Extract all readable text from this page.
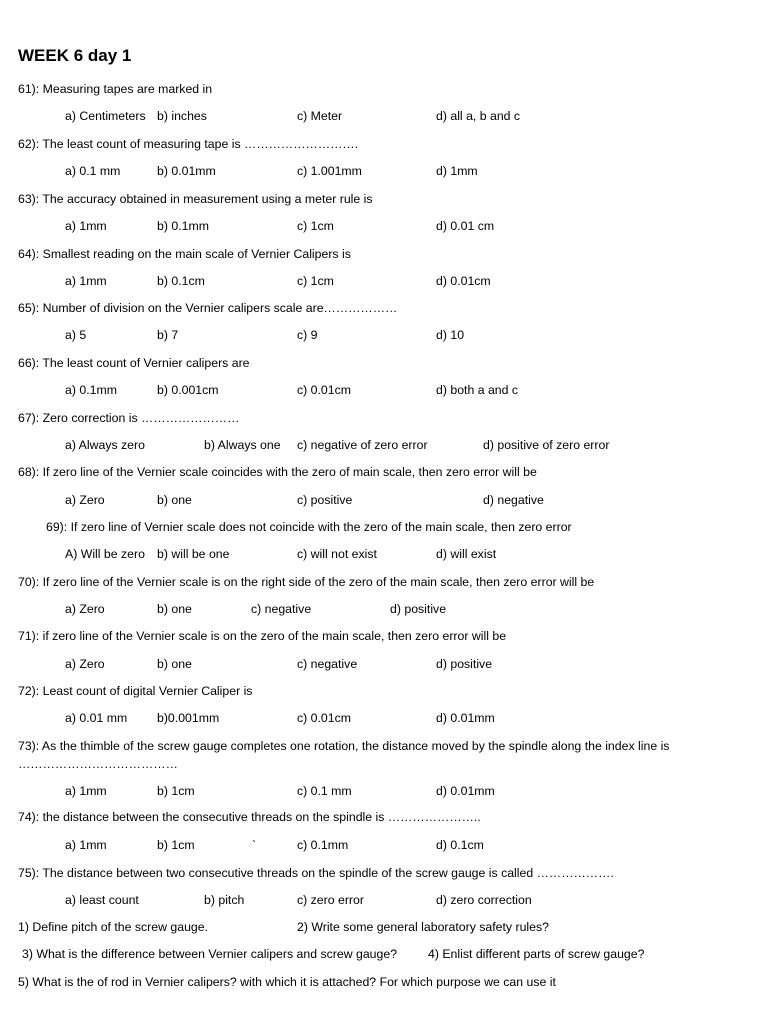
WEEK 6 day 1
61): Measuring tapes are marked in
a) Centimeters b) inches	c) Meter	d) all a, b and c
62): The least count of measuring tape is ……………………….
a) 0.1 mm	b) 0.01mm	c) 1.001mm	d) 1mm
63): The accuracy obtained in measurement using a meter rule is
a) 1mm	b) 0.1mm	c) 1cm	d) 0.01 cm
64): Smallest reading on the main scale of Vernier Calipers is
a) 1mm	b) 0.1cm	c) 1cm	d) 0.01cm
65): Number of division on the Vernier calipers scale are………………
a) 5	b) 7	c) 9	d) 10
66): The least count of Vernier calipers are
a) 0.1mm	b) 0.001cm	c) 0.01cm	d) both a and c
67): Zero correction is ……………………
a) Always zero	b) Always one c) negative of zero error	d) positive of zero error
68): If zero line of the Vernier scale coincides with the zero of main scale, then zero error will be
a) Zero	b) one	c) positive	d) negative
69): If zero line of Vernier scale does not coincide with the zero of the main scale, then zero error
A) Will be zero b) will be one	c) will not exist	d) will exist
70): If zero line of the Vernier scale is on the right side of the zero of the main scale, then zero error will be
a) Zero	b) one	c) negative	d) positive
71): if zero line of the Vernier scale is on the zero of the main scale, then zero error will be
a) Zero	b) one	c) negative	d) positive
72): Least count of digital Vernier Caliper is
a) 0.01 mm b)0.001mm	c) 0.01cm	d) 0.01mm
73): As the thimble of the screw gauge completes one rotation, the distance moved by the spindle along the index line is …………………………………
a) 1mm	b) 1cm	c) 0.1 mm	d) 0.01mm
74): the distance between the consecutive threads on the spindle is …………………..
a) 1mm	b) 1cm	`	c) 0.1mm	d) 0.1cm
75): The distance between two consecutive threads on the spindle of the screw gauge is called ……………….
a) least count	b) pitch	c) zero error	d) zero correction
1) Define pitch of the screw gauge.	2) Write some general laboratory safety rules?
3) What is the difference between Vernier calipers and screw gauge?	4) Enlist different parts of screw gauge?
5) What is the of rod in Vernier calipers? with which it is attached? For which purpose we can use it
